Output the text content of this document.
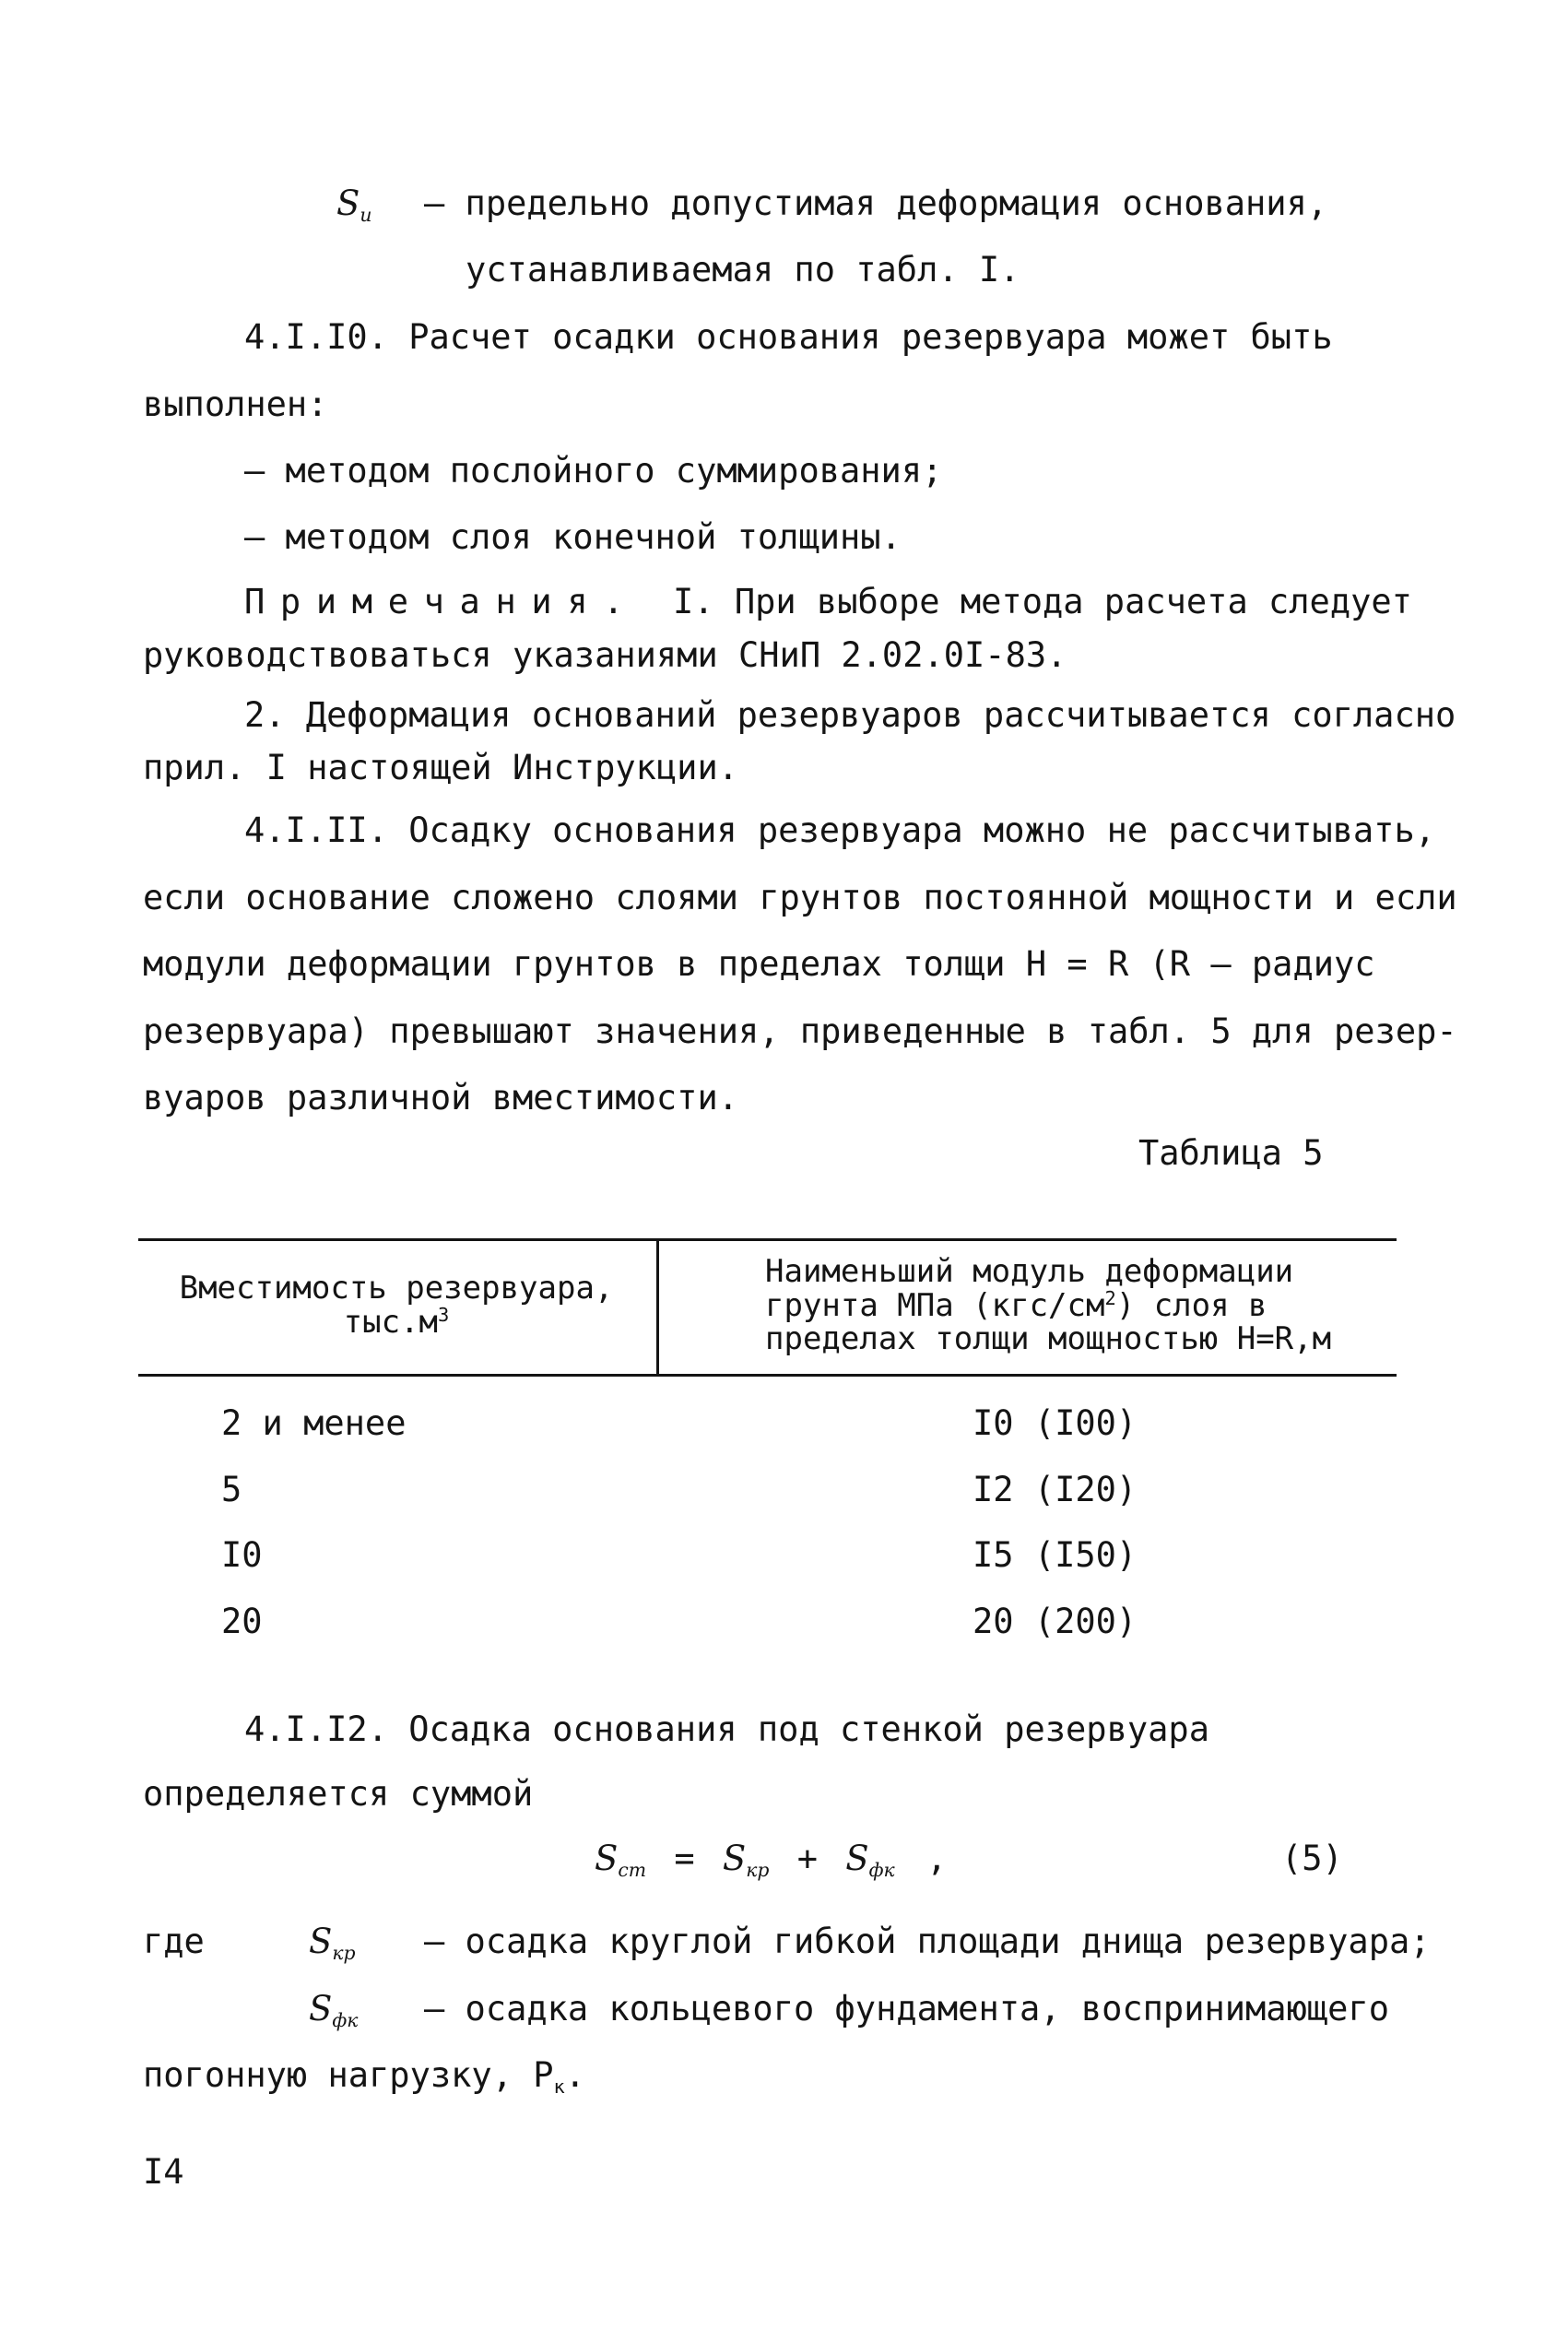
$S_u$ – предельно допустимая деформация основания,
устанавливаемая по табл. I.
4.I.I0. Расчет осадки основания резервуара может быть
выполнен:
– методом послойного суммирования;
– методом слоя конечной толщины.
Примечания. I. При выборе метода расчета следует
руководствоваться указаниями СНиП 2.02.0I-83.
2. Деформация оснований резервуаров рассчитывается согласно
прил. I настоящей Инструкции.
4.I.II. Осадку основания резервуара можно не рассчитывать,
если основание сложено слоями грунтов постоянной мощности и если
модули деформации грунтов в пределах толщи H = R (R – радиус
резервуара) превышают значения, приведенные в табл. 5 для резер-
вуаров различной вместимости.
Таблица 5
Вместимость резервуара,
$тыс.м^3$
Наименьший модуль деформации
грунта МПа $(кгс/см^2)$ слоя в
пределах толщи мощностью H=R,м
2 и менее	I0 (I00)
5	I2 (I20)
I0	I5 (I50)
20	20 (200)
4.I.I2. Осадка основания под стенкой резервуара
определяется суммой
$S_{ст} = S_{кр} + S_{фк}$ ,	(5)
где	$S_{кр}$ – осадка круглой гибкой площади днища резервуара;
$S_{фк}$ – осадка кольцевого фундамента, воспринимающего
погонную нагрузку, $P_к$.
I4
